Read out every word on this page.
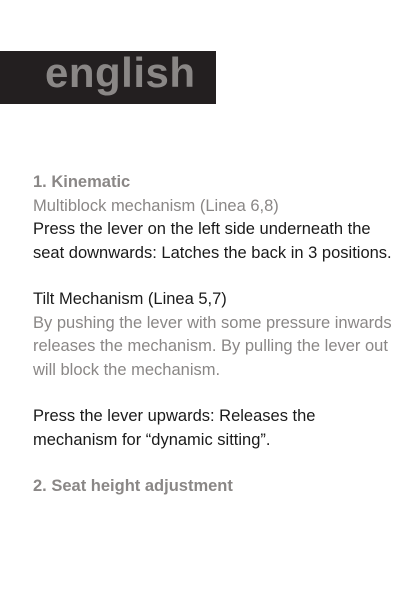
english

1. Kinematic

Multiblock mechanism (Linea 6,8)

Press the lever on the left side underneath the seat downwards: Latches the back in 3 positions.

Tilt Mechanism (Linea 5,7)

By pushing the lever with some pressure inwards releases the mechanism. By pulling the lever out will block the mechanism.

Press the lever upwards: Releases the mechanism for “dynamic sitting”.

2. Seat height adjustment
